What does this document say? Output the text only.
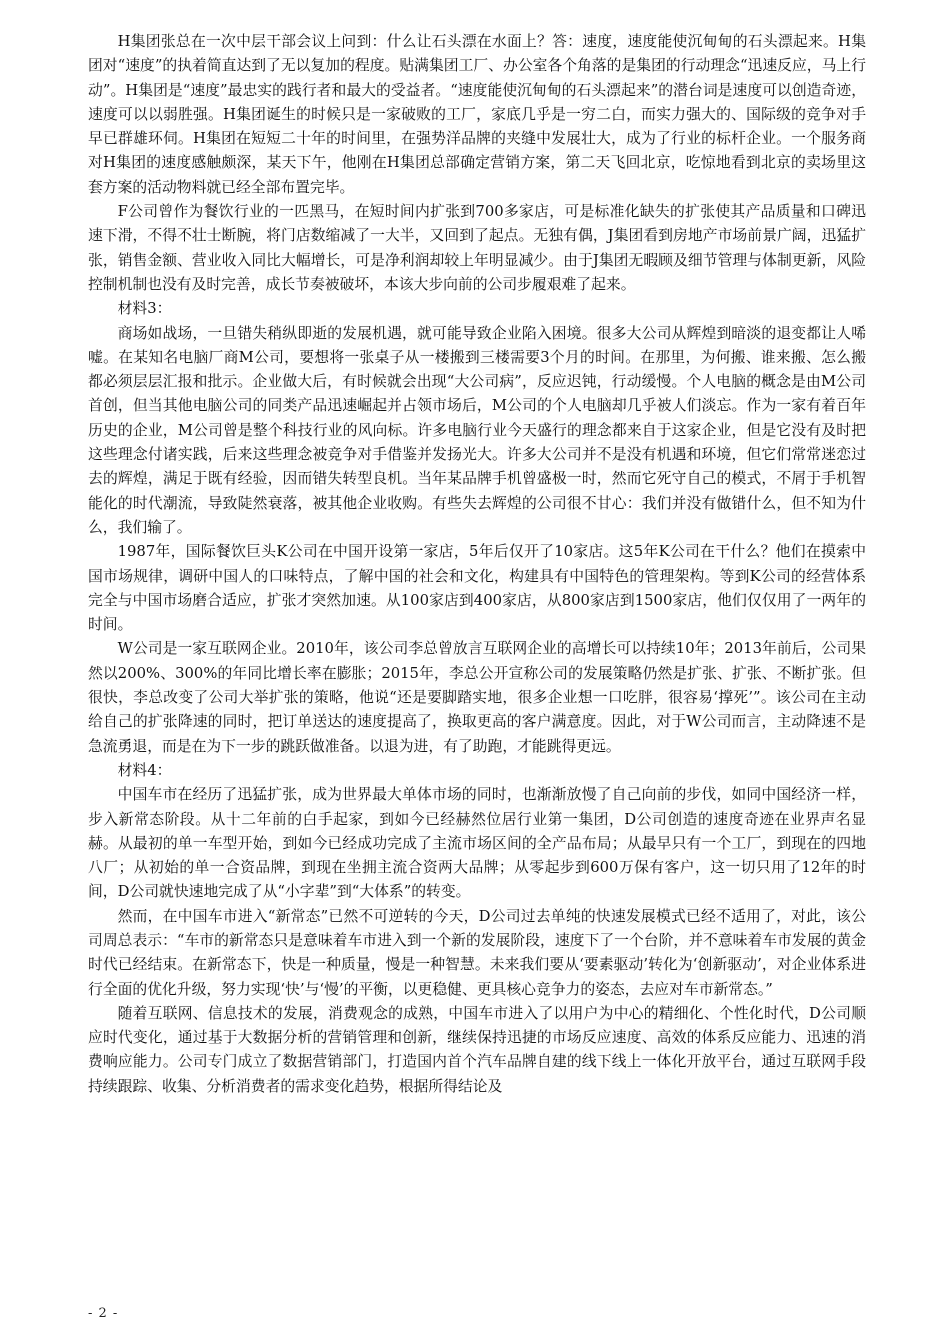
H集团张总在一次中层干部会议上问到：什么让石头漂在水面上？答：速度，速度能使沉甸甸的石头漂起来。H集团对“速度”的执着简直达到了无以复加的程度。贴满集团工厂、办公室各个角落的是集团的行动理念“迅速反应，马上行动”。H集团是“速度”最忠实的践行者和最大的受益者。“速度能使沉甸甸的石头漂起来”的潜台词是速度可以创造奇迹，速度可以以弱胜强。H集团诞生的时候只是一家破败的工厂，家底几乎是一穷二白，而实力强大的、国际级的竞争对手早已群雄环伺。H集团在短短二十年的时间里，在强势洋品牌的夹缝中发展壮大，成为了行业的标杆企业。一个服务商对H集团的速度感触颇深，某天下午，他刚在H集团总部确定营销方案，第二天飞回北京，吃惊地看到北京的卖场里这套方案的活动物料就已经全部布置完毕。

F公司曾作为餐饮行业的一匹黑马，在短时间内扩张到700多家店，可是标准化缺失的扩张使其产品质量和口碑迅速下滑，不得不壮士断腕，将门店数缩减了一大半，又回到了起点。无独有偶，J集团看到房地产市场前景广阔，迅猛扩张，销售金额、营业收入同比大幅增长，可是净利润却较上年明显减少。由于J集团无暇顾及细节管理与体制更新，风险控制机制也没有及时完善，成长节奏被破坏，本该大步向前的公司步履艰难了起来。

材料3：

商场如战场，一旦错失稍纵即逝的发展机遇，就可能导致企业陷入困境。很多大公司从辉煌到暗淡的退变都让人唏嘘。在某知名电脑厂商M公司，要想将一张桌子从一楼搬到三楼需要3个月的时间。在那里，为何搬、谁来搬、怎么搬都必须层层汇报和批示。企业做大后，有时候就会出现“大公司病”，反应迟钝，行动缓慢。个人电脑的概念是由M公司首创，但当其他电脑公司的同类产品迅速崛起并占领市场后，M公司的个人电脑却几乎被人们淡忘。作为一家有着百年历史的企业，M公司曾是整个科技行业的风向标。许多电脑行业今天盛行的理念都来自于这家企业，但是它没有及时把这些理念付诸实践，后来这些理念被竞争对手借鉴并发扬光大。许多大公司并不是没有机遇和环境，但它们常常迷恋过去的辉煌，满足于既有经验，因而错失转型良机。当年某品牌手机曾盛极一时，然而它死守自己的模式，不屑于手机智能化的时代潮流，导致陡然衰落，被其他企业收购。有些失去辉煌的公司很不甘心：我们并没有做错什么，但不知为什么，我们输了。

1987年，国际餐饮巨头K公司在中国开设第一家店，5年后仅开了10家店。这5年K公司在干什么？他们在摸索中国市场规律，调研中国人的口味特点，了解中国的社会和文化，构建具有中国特色的管理架构。等到K公司的经营体系完全与中国市场磨合适应，扩张才突然加速。从100家店到400家店，从800家店到1500家店，他们仅仅用了一两年的时间。

W公司是一家互联网企业。2010年，该公司李总曾放言互联网企业的高增长可以持续10年；2013年前后，公司果然以200%、300%的年同比增长率在膨胀；2015年，李总公开宣称公司的发展策略仍然是扩张、扩张、不断扩张。但很快，李总改变了公司大举扩张的策略，他说“还是要脚踏实地，很多企业想一口吃胖，很容易‘撑死’”。该公司在主动给自己的扩张降速的同时，把订单送达的速度提高了，换取更高的客户满意度。因此，对于W公司而言，主动降速不是急流勇退，而是在为下一步的跳跃做准备。以退为进，有了助跑，才能跳得更远。

材料4：

中国车市在经历了迅猛扩张，成为世界最大单体市场的同时，也渐渐放慢了自己向前的步伐，如同中国经济一样，步入新常态阶段。从十二年前的白手起家，到如今已经赫然位居行业第一集团，D公司创造的速度奇迹在业界声名显赫。从最初的单一车型开始，到如今已经成功完成了主流市场区间的全产品布局；从最早只有一个工厂，到现在的四地八厂；从初始的单一合资品牌，到现在坐拥主流合资两大品牌；从零起步到600万保有客户，这一切只用了12年的时间，D公司就快速地完成了从“小字辈”到“大体系”的转变。

然而，在中国车市进入“新常态”已然不可逆转的今天，D公司过去单纯的快速发展模式已经不适用了，对此，该公司周总表示：“车市的新常态只是意味着车市进入到一个新的发展阶段，速度下了一个台阶，并不意味着车市发展的黄金时代已经结束。在新常态下，快是一种质量，慢是一种智慧。未来我们要从‘要素驱动’转化为‘创新驱动’，对企业体系进行全面的优化升级，努力实现‘快’与‘慢’的平衡，以更稳健、更具核心竞争力的姿态，去应对车市新常态。”

随着互联网、信息技术的发展，消费观念的成熟，中国车市进入了以用户为中心的精细化、个性化时代，D公司顺应时代变化，通过基于大数据分析的营销管理和创新，继续保持迅捷的市场反应速度、高效的体系反应能力、迅速的消费响应能力。公司专门成立了数据营销部门，打造国内首个汽车品牌自建的线下线上一体化开放平台，通过互联网手段持续跟踪、收集、分析消费者的需求变化趋势，根据所得结论及

- 2 -
